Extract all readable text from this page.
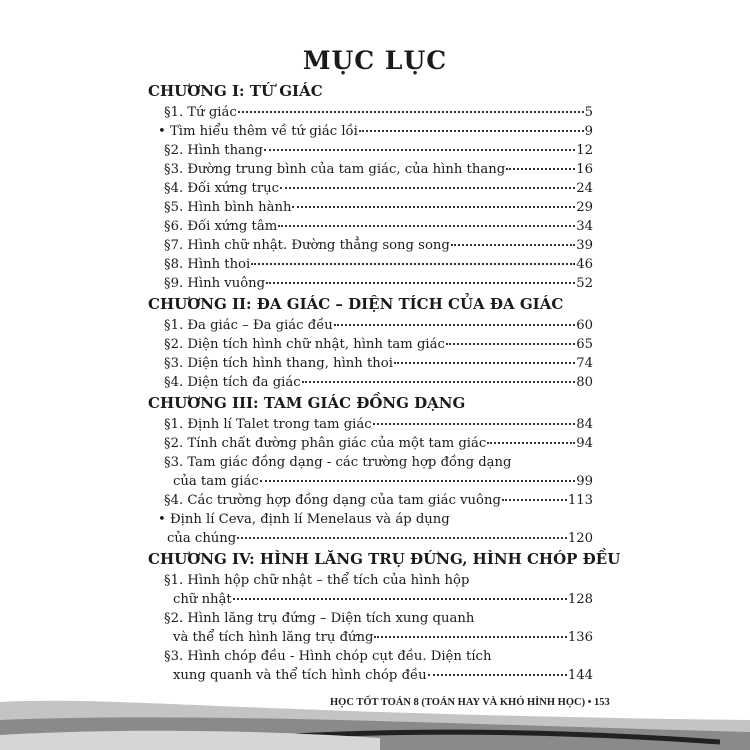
MỤC LỤC
CHƯƠNG I: TỨ GIÁC
§1. Tứ giác	5
• Tìm hiểu thêm về tứ giác lồi	9
§2. Hình thang	12
§3. Đường trung bình của tam giác, của hình thang	16
§4. Đối xứng trục	24
§5. Hình bình hành	29
§6. Đối xứng tâm	34
§7. Hình chữ nhật. Đường thẳng song song	39
§8. Hình thoi	46
§9. Hình vuông	52
CHƯƠNG II: ĐA GIÁC – DIỆN TÍCH CỦA ĐA GIÁC
§1. Đa giác – Đa giác đều	60
§2. Diện tích hình chữ nhật, hình tam giác	65
§3. Diện tích hình thang, hình thoi	74
§4. Diện tích đa giác	80
CHƯƠNG III: TAM GIÁC ĐỒNG DẠNG
§1. Định lí Talet trong tam giác	84
§2. Tính chất đường phân giác của một tam giác	94
§3. Tam giác đồng dạng - các trường hợp đồng dạng
của tam giác	99
§4. Các trường hợp đồng dạng của tam giác vuông	113
• Định lí Ceva, định lí Menelaus và áp dụng
của chúng	120
CHƯƠNG IV: HÌNH LĂNG TRỤ ĐỨNG, HÌNH CHÓP ĐỀU
§1. Hình hộp chữ nhật – thể tích của hình hộp
chữ nhật	128
§2. Hình lăng trụ đứng – Diện tích xung quanh
và thể tích hình lăng trụ đứng	136
§3. Hình chóp đều - Hình chóp cụt đều. Diện tích
xung quanh và thể tích hình chóp đều	144
HỌC TỐT TOÁN 8 (TOÁN HAY VÀ KHÓ HÌNH HỌC) • 153
